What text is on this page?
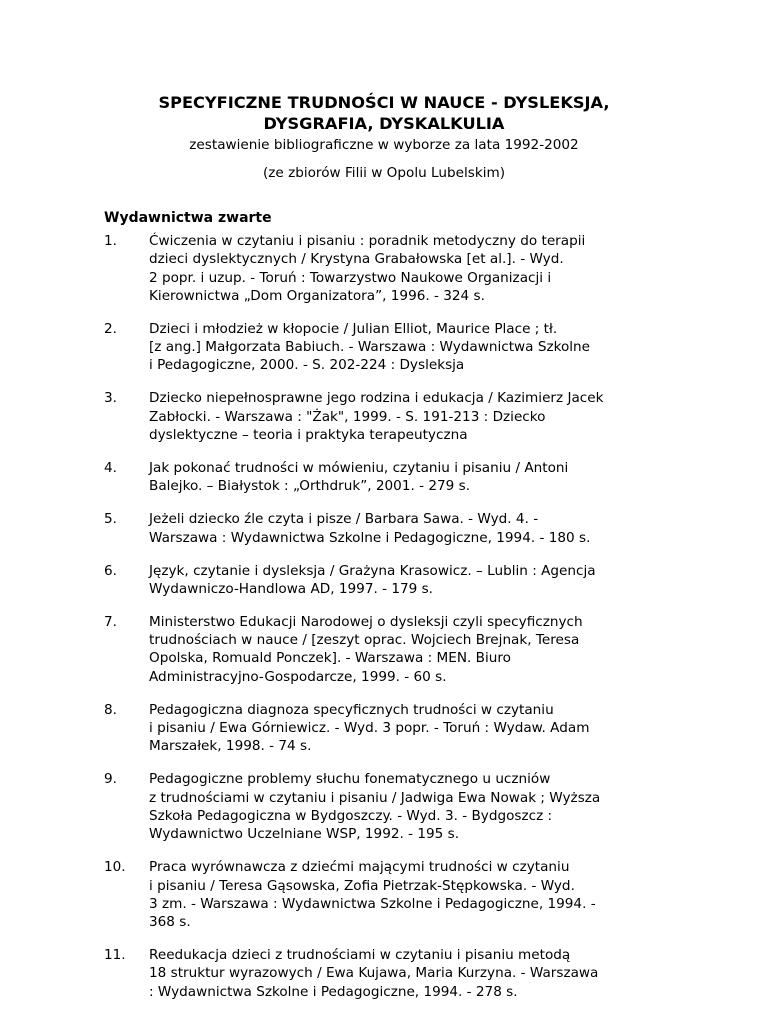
SPECYFICZNE TRUDNOŚCI W NAUCE - DYSLEKSJA,
DYSGRAFIA, DYSKALKULIA

zestawienie bibliograficzne w wyborze za lata 1992-2002

(ze zbiorów Filii w Opolu Lubelskim)

Wydawnictwa zwarte
1.	Ćwiczenia w czytaniu i pisaniu : poradnik metodyczny do terapii
dzieci dyslektycznych / Krystyna Grabałowska [et al.]. - Wyd.
2 popr. i uzup. - Toruń : Towarzystwo Naukowe Organizacji i
Kierownictwa „Dom Organizatora”, 1996. - 324 s.
2.	Dzieci i młodzież w kłopocie / Julian Elliot, Maurice Place ; tł.
[z ang.] Małgorzata Babiuch. - Warszawa : Wydawnictwa Szkolne
i Pedagogiczne, 2000. - S. 202-224 : Dysleksja
3.	Dziecko niepełnosprawne jego rodzina i edukacja / Kazimierz Jacek
Zabłocki. - Warszawa : "Żak", 1999. - S. 191-213 : Dziecko
dyslektyczne – teoria i praktyka terapeutyczna
4.	Jak pokonać trudności w mówieniu, czytaniu i pisaniu / Antoni
Balejko. – Białystok : „Orthdruk”, 2001. - 279 s.
5.	Jeżeli dziecko źle czyta i pisze / Barbara Sawa. - Wyd. 4. -
Warszawa : Wydawnictwa Szkolne i Pedagogiczne, 1994. - 180 s.
6.	Język, czytanie i dysleksja / Grażyna Krasowicz. – Lublin : Agencja
Wydawniczo-Handlowa AD, 1997. - 179 s.
7.	Ministerstwo Edukacji Narodowej o dysleksji czyli specyficznych
trudnościach w nauce / [zeszyt oprac. Wojciech Brejnak, Teresa
Opolska, Romuald Ponczek]. - Warszawa : MEN. Biuro
Administracyjno-Gospodarcze, 1999. - 60 s.
8.	Pedagogiczna diagnoza specyficznych trudności w czytaniu
i pisaniu / Ewa Górniewicz. - Wyd. 3 popr. - Toruń : Wydaw. Adam
Marszałek, 1998. - 74 s.
9.	Pedagogiczne problemy słuchu fonematycznego u uczniów
z trudnościami w czytaniu i pisaniu / Jadwiga Ewa Nowak ; Wyższa
Szkoła Pedagogiczna w Bydgoszczy. - Wyd. 3. - Bydgoszcz :
Wydawnictwo Uczelniane WSP, 1992. - 195 s.
10.	Praca wyrównawcza z dziećmi mającymi trudności w czytaniu
i pisaniu / Teresa Gąsowska, Zofia Pietrzak-Stępkowska. - Wyd.
3 zm. - Warszawa : Wydawnictwa Szkolne i Pedagogiczne, 1994. -
368 s.
11.	Reedukacja dzieci z trudnościami w czytaniu i pisaniu metodą
18 struktur wyrazowych / Ewa Kujawa, Maria Kurzyna. - Warszawa
: Wydawnictwa Szkolne i Pedagogiczne, 1994. - 278 s.
